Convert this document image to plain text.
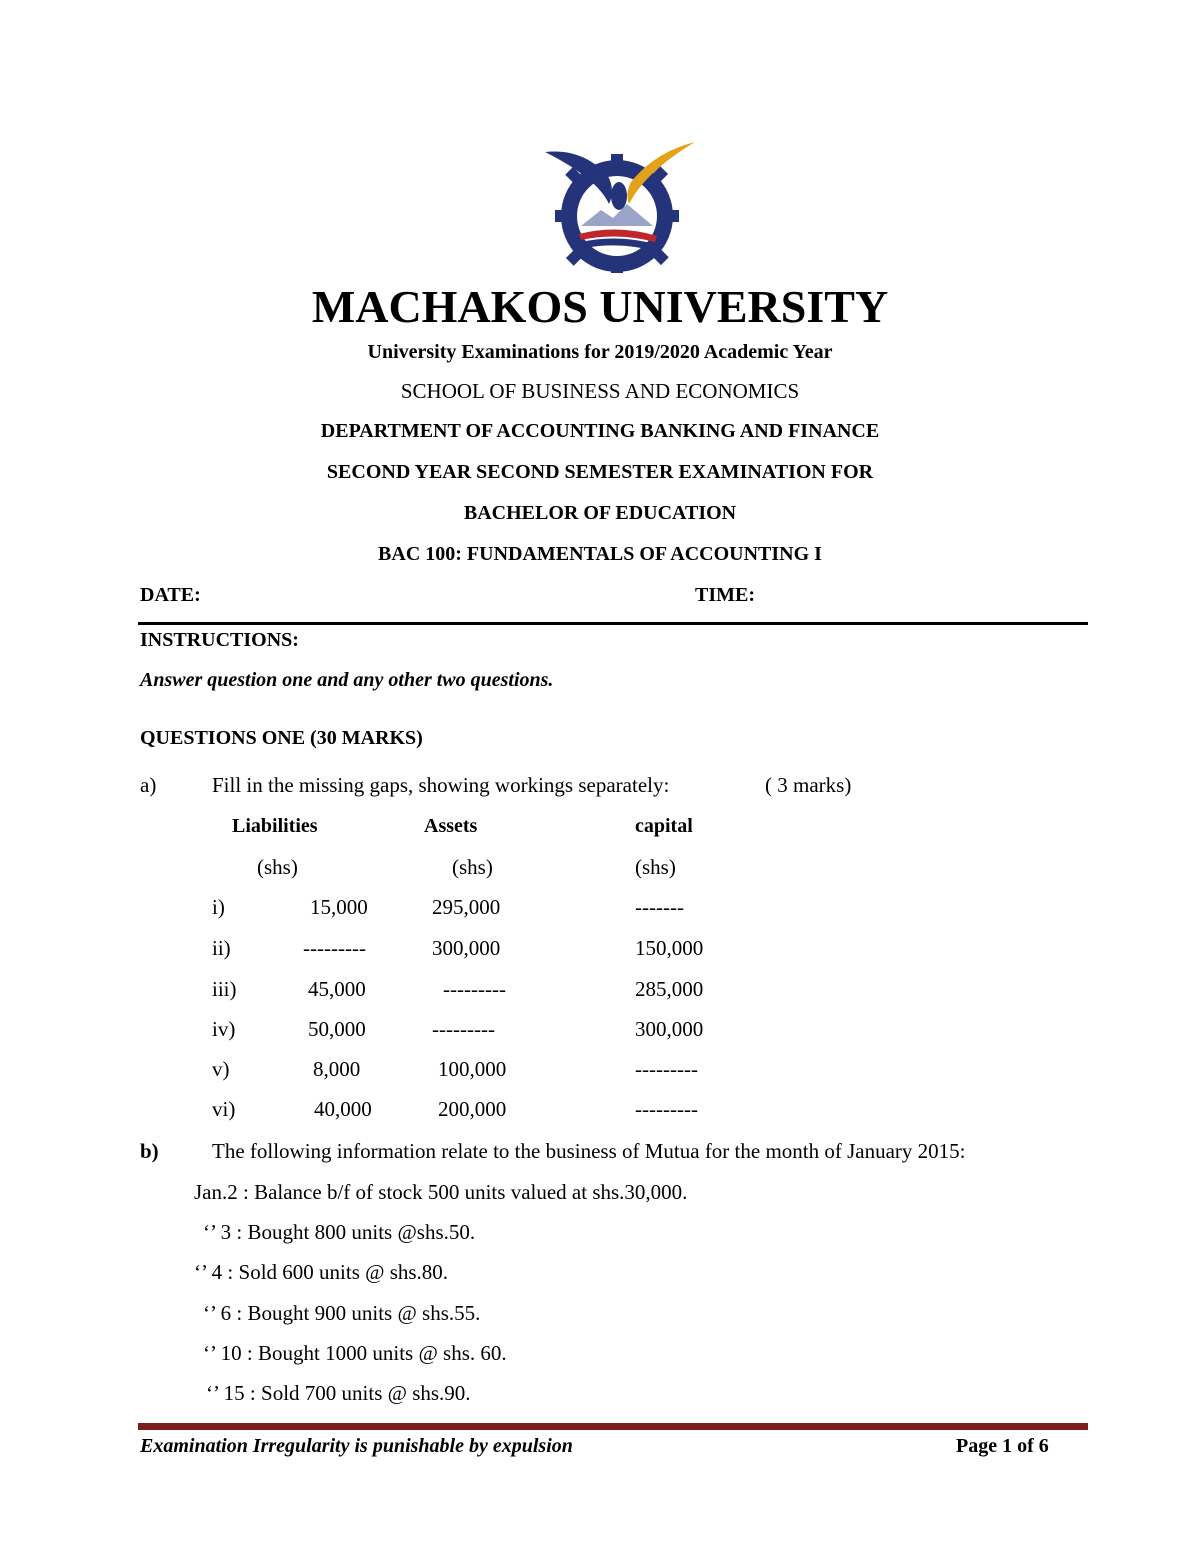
MACHAKOS UNIVERSITY
University Examinations for 2019/2020 Academic Year
SCHOOL OF BUSINESS AND ECONOMICS
DEPARTMENT OF ACCOUNTING BANKING AND FINANCE
SECOND YEAR SECOND SEMESTER EXAMINATION FOR
BACHELOR OF EDUCATION
BAC 100: FUNDAMENTALS OF ACCOUNTING I
DATE:	TIME:
INSTRUCTIONS:
Answer question one and any other two questions.
QUESTIONS ONE (30 MARKS)
a)	Fill in the missing gaps, showing workings separately:	( 3 marks)
Liabilities	Assets	capital
(shs)	(shs)	(shs)
i)	15,000	295,000	-------
ii)	---------	300,000	150,000
iii)	45,000	---------	285,000
iv)	50,000	---------	300,000
v)	8,000	100,000	---------
vi)	40,000	200,000	---------
b)	The following information relate to the business of Mutua for the month of January 2015:
Jan.2 : Balance b/f of stock 500 units valued at shs.30,000.
‘’ 3 : Bought 800 units @shs.50.
‘’ 4 : Sold 600 units @ shs.80.
‘’ 6 : Bought 900 units @ shs.55.
‘’ 10 : Bought 1000 units @ shs. 60.
‘’ 15 : Sold 700 units @ shs.90.
Examination Irregularity is punishable by expulsion	Page 1 of 6
